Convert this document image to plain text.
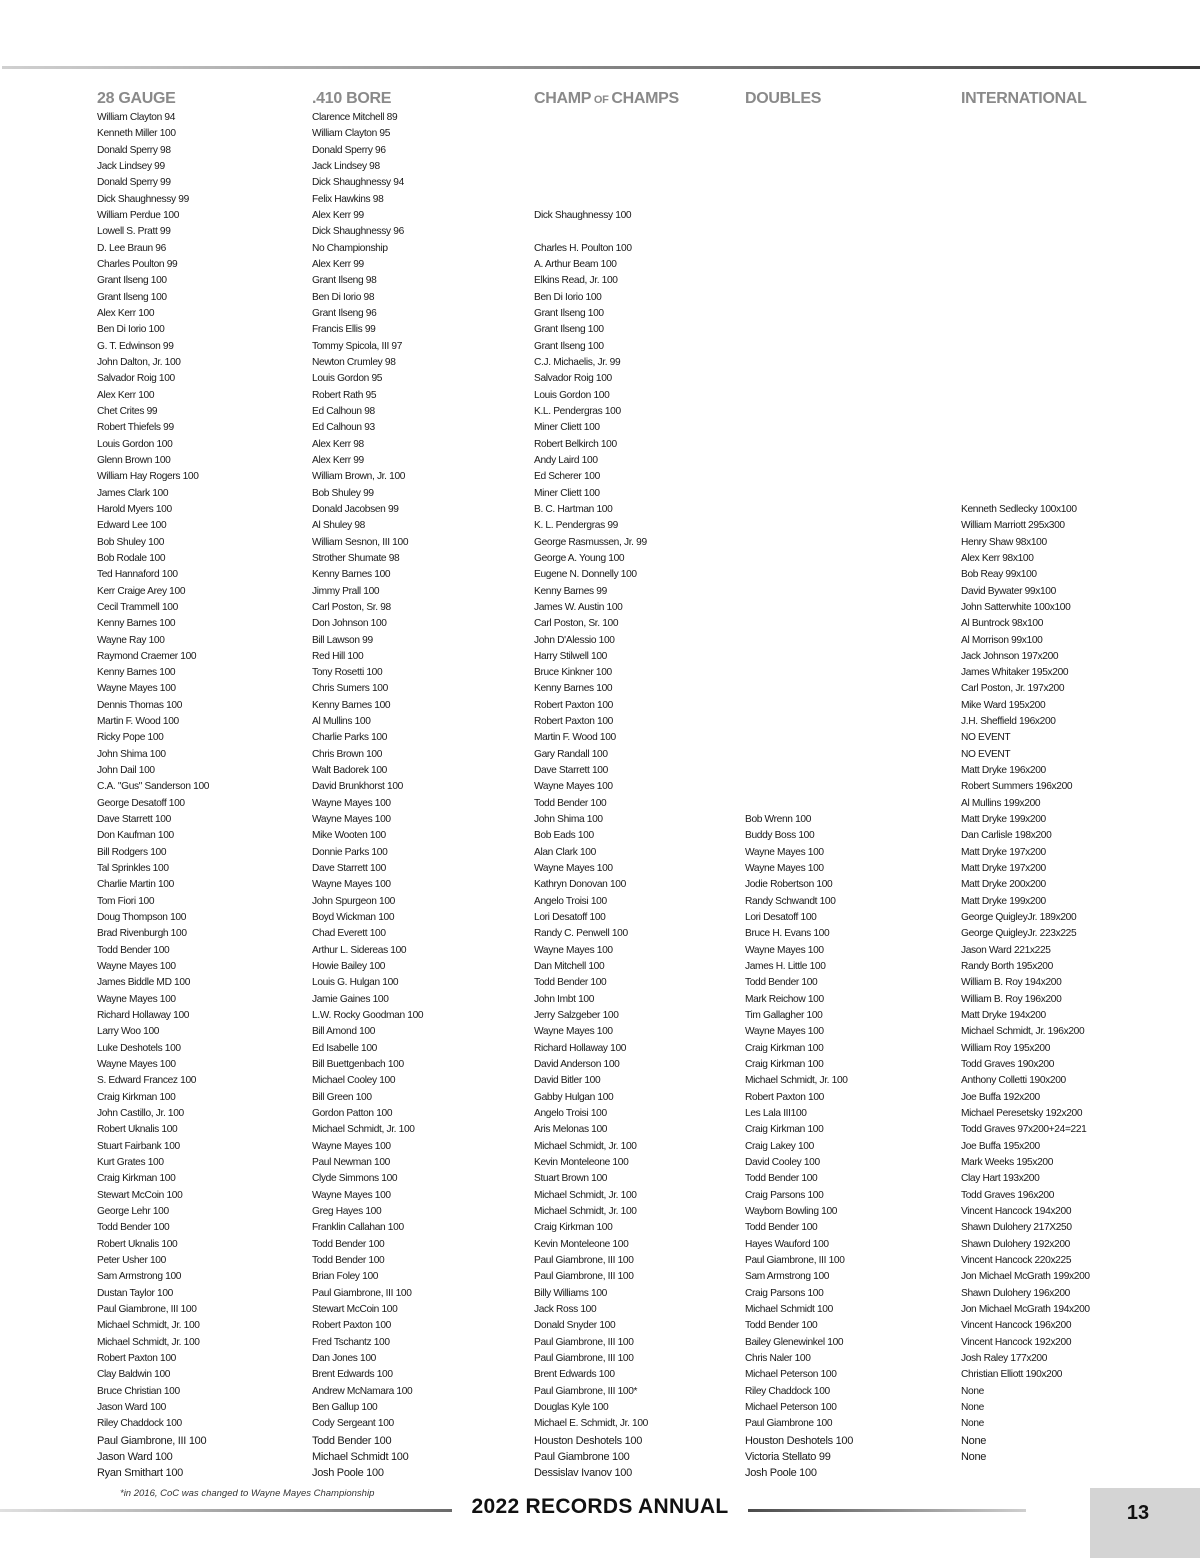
28 GAUGE
William Clayton 94
Kenneth Miller 100
Donald Sperry 98
Jack Lindsey 99
Donald Sperry 99
Dick Shaughnessy 99
William Perdue 100
Lowell S. Pratt 99
D. Lee Braun 96
Charles Poulton 99
Grant Ilseng 100
Grant Ilseng 100
Alex Kerr 100
Ben Di Iorio 100
G. T. Edwinson 99
John Dalton, Jr. 100
Salvador Roig 100
Alex Kerr 100
Chet Crites 99
Robert Thiefels 99
Louis Gordon 100
Glenn Brown 100
William Hay Rogers 100
James Clark 100
Harold Myers 100
Edward Lee 100
Bob Shuley 100
Bob Rodale 100
Ted Hannaford 100
Kerr Craige Arey 100
Cecil Trammell 100
Kenny Barnes 100
Wayne Ray 100
Raymond Craemer 100
Kenny Barnes 100
Wayne Mayes 100
Dennis Thomas 100
Martin F. Wood 100
Ricky Pope 100
John Shima 100
John Dail 100
C.A. "Gus" Sanderson 100
George Desatoff 100
Dave Starrett 100
Don Kaufman 100
Bill Rodgers 100
Tal Sprinkles 100
Charlie Martin 100
Tom Fiori 100
Doug Thompson 100
Brad Rivenburgh 100
Todd Bender 100
Wayne Mayes 100
James Biddle MD 100
Wayne Mayes 100
Richard Hollaway 100
Larry Woo 100
Luke Deshotels 100
Wayne Mayes 100
S. Edward Francez 100
Craig Kirkman 100
John Castillo, Jr. 100
Robert Uknalis 100
Stuart Fairbank 100
Kurt Grates 100
Craig Kirkman 100
Stewart McCoin 100
George Lehr 100
Todd Bender 100
Robert Uknalis 100
Peter Usher 100
Sam Armstrong 100
Dustan Taylor 100
Paul Giambrone, III 100
Michael Schmidt, Jr. 100
Michael Schmidt, Jr. 100
Robert Paxton 100
Clay Baldwin 100
Bruce Christian 100
Jason Ward 100
Riley Chaddock 100
Paul Giambrone, III 100
Jason Ward 100
Ryan Smithart 100
.410 BORE
Clarence Mitchell 89
William Clayton 95
Donald Sperry 96
Jack Lindsey 98
Dick Shaughnessy 94
Felix Hawkins 98
Alex Kerr 99
Dick Shaughnessy 96
No Championship
Alex Kerr 99
Grant Ilseng 98
Ben Di Iorio 98
Grant Ilseng 96
Francis Ellis 99
Tommy Spicola, III 97
Newton Crumley 98
Louis Gordon 95
Robert Rath 95
Ed Calhoun 98
Ed Calhoun 93
Alex Kerr 98
Alex Kerr 99
William Brown, Jr. 100
Bob Shuley 99
Donald Jacobsen 99
Al Shuley 98
William Sesnon, III 100
Strother Shumate 98
Kenny Barnes 100
Jimmy Prall 100
Carl Poston, Sr. 98
Don Johnson 100
Bill Lawson 99
Red Hill 100
Tony Rosetti 100
Chris Sumers 100
Kenny Barnes 100
Al Mullins 100
Charlie Parks 100
Chris Brown 100
Walt Badorek 100
David Brunkhorst 100
Wayne Mayes 100
Wayne Mayes 100
Mike Wooten 100
Donnie Parks 100
Dave Starrett 100
Wayne Mayes 100
John Spurgeon 100
Boyd Wickman 100
Chad Everett 100
Arthur L. Sidereas 100
Howie Bailey 100
Louis G. Hulgan 100
Jamie Gaines 100
L.W. Rocky Goodman 100
Bill Amond 100
Ed Isabelle 100
Bill Buettgenbach 100
Michael Cooley 100
Bill Green 100
Gordon Patton 100
Michael Schmidt, Jr. 100
Wayne Mayes 100
Paul Newman 100
Clyde Simmons 100
Wayne Mayes 100
Greg Hayes 100
Franklin Callahan 100
Todd Bender 100
Todd Bender 100
Brian Foley 100
Paul Giambrone, III 100
Stewart McCoin 100
Robert Paxton 100
Fred Tschantz 100
Dan Jones 100
Brent Edwards 100
Andrew McNamara 100
Ben Gallup 100
Cody Sergeant 100
Todd Bender 100
Michael Schmidt 100
Josh Poole 100
CHAMP OF CHAMPS
Dick Shaughnessy 100
Charles H. Poulton 100
A. Arthur Beam 100
Elkins Read, Jr. 100
Ben Di Iorio 100
Grant Ilseng 100
Grant Ilseng 100
Grant Ilseng 100
C.J. Michaelis, Jr. 99
Salvador Roig 100
Louis Gordon 100
K.L. Pendergras 100
Miner Cliett 100
Robert Belkirch 100
Andy Laird 100
Ed Scherer 100
Miner Cliett 100
B. C. Hartman 100
K. L. Pendergras 99
George Rasmussen, Jr. 99
George A. Young 100
Eugene N. Donnelly 100
Kenny Barnes 99
James W. Austin 100
Carl Poston, Sr. 100
John D'Alessio 100
Harry Stilwell 100
Bruce Kinkner 100
Kenny Barnes 100
Robert Paxton 100
Robert Paxton 100
Martin F. Wood 100
Gary Randall 100
Dave Starrett 100
Wayne Mayes 100
Todd Bender 100
John Shima 100
Bob Eads 100
Alan Clark 100
Wayne Mayes 100
Kathryn Donovan 100
Angelo Troisi 100
Lori Desatoff 100
Randy C. Penwell 100
Wayne Mayes 100
Dan Mitchell 100
Todd Bender 100
John Imbt 100
Jerry Salzgeber 100
Wayne Mayes 100
Richard Hollaway 100
David Anderson 100
David Bitler 100
Gabby Hulgan 100
Angelo Troisi 100
Aris Melonas 100
Michael Schmidt, Jr. 100
Kevin Monteleone 100
Stuart Brown 100
Michael Schmidt, Jr. 100
Michael Schmidt, Jr. 100
Craig Kirkman 100
Kevin Monteleone 100
Paul Giambrone, III 100
Paul Giambrone, III 100
Billy Williams 100
Jack Ross 100
Donald Snyder 100
Paul Giambrone, III 100
Paul Giambrone, III 100
Brent Edwards 100
Paul Giambrone, III 100*
Douglas Kyle 100
Michael E. Schmidt, Jr. 100
Houston Deshotels 100
Paul Giambrone 100
Dessislav Ivanov 100
DOUBLES
Bob Wrenn 100
Buddy Boss 100
Wayne Mayes 100
Wayne Mayes 100
Jodie Robertson 100
Randy Schwandt 100
Lori Desatoff 100
Bruce H. Evans 100
Wayne Mayes 100
James H. Little 100
Todd Bender 100
Mark Reichow 100
Tim Gallagher 100
Wayne Mayes 100
Craig Kirkman 100
Craig Kirkman 100
Michael Schmidt, Jr. 100
Robert Paxton 100
Les Lala III100
Craig Kirkman 100
Craig Lakey 100
David Cooley 100
Todd Bender 100
Craig Parsons 100
Wayborn Bowling 100
Todd Bender 100
Hayes Wauford 100
Paul Giambrone, III 100
Sam Armstrong 100
Craig Parsons 100
Michael Schmidt 100
Todd Bender 100
Bailey Glenewinkel 100
Chris Naler 100
Michael Peterson 100
Riley Chaddock 100
Michael Peterson 100
Paul Giambrone 100
Houston Deshotels 100
Victoria Stellato 99
Josh Poole 100
INTERNATIONAL
Kenneth Sedlecky 100x100
William Marriott 295x300
Henry Shaw 98x100
Alex Kerr 98x100
Bob Reay 99x100
David Bywater 99x100
John Satterwhite 100x100
Al Buntrock 98x100
Al Morrison 99x100
Jack Johnson 197x200
James Whitaker 195x200
Carl Poston, Jr. 197x200
Mike Ward 195x200
J.H. Sheffield 196x200
NO EVENT
NO EVENT
Matt Dryke 196x200
Robert Summers 196x200
Al Mullins 199x200
Matt Dryke 199x200
Dan Carlisle 198x200
Matt Dryke 197x200
Matt Dryke 197x200
Matt Dryke 200x200
Matt Dryke 199x200
George QuigleyJr. 189x200
George QuigleyJr. 223x225
Jason Ward 221x225
Randy Borth 195x200
William B. Roy 194x200
William B. Roy 196x200
Matt Dryke 194x200
Michael Schmidt, Jr. 196x200
William Roy 195x200
Todd Graves 190x200
Anthony Colletti 190x200
Joe Buffa 192x200
Michael Peresetsky 192x200
Todd Graves 97x200+24=221
Joe Buffa 195x200
Mark Weeks 195x200
Clay Hart 193x200
Todd Graves 196x200
Vincent Hancock 194x200
Shawn Dulohery 217X250
Shawn Dulohery 192x200
Vincent Hancock 220x225
Jon Michael McGrath 199x200
Shawn Dulohery 196x200
Jon Michael McGrath 194x200
Vincent Hancock 196x200
Vincent Hancock 192x200
Josh Raley 177x200
Christian Elliott 190x200
None
None
None
None
None
*in 2016, CoC was changed to Wayne Mayes Championship
2022 RECORDS ANNUAL	13
